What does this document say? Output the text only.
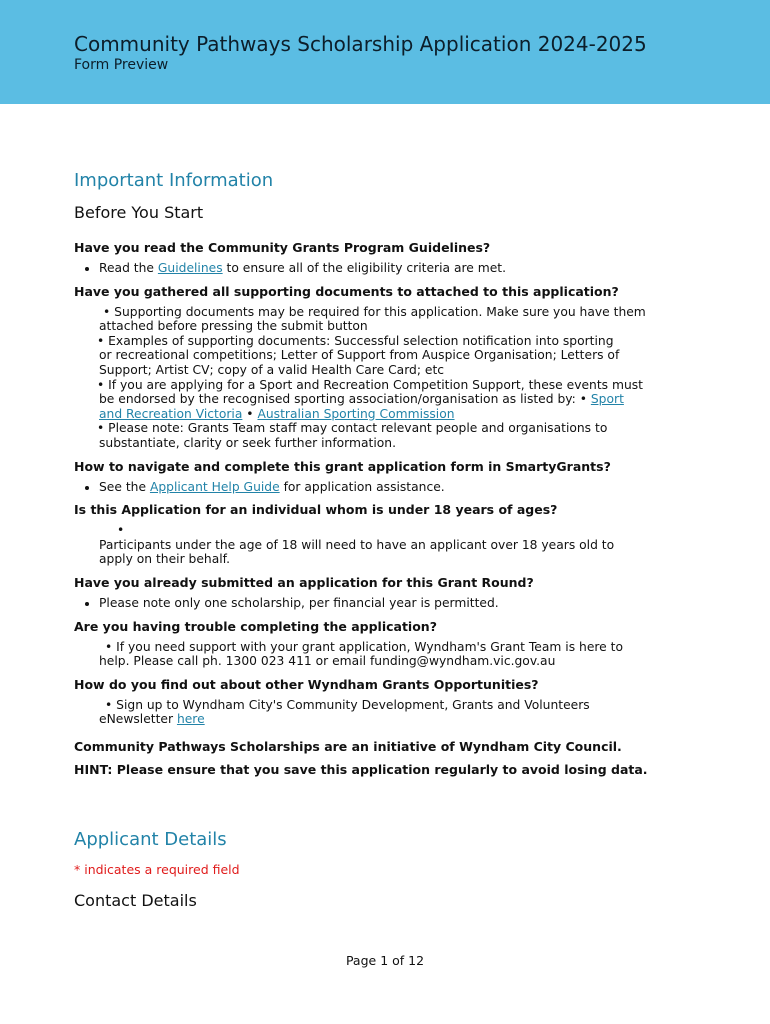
Community Pathways Scholarship Application 2024-2025
Form Preview
Important Information
Before You Start
Have you read the Community Grants Program Guidelines?
• Read the Guidelines to ensure all of the eligibility criteria are met.
Have you gathered all supporting documents to attached to this application?
• Supporting documents may be required for this application. Make sure you have them
attached before pressing the submit button
• Examples of supporting documents: Successful selection notification into sporting
or recreational competitions; Letter of Support from Auspice Organisation; Letters of
Support; Artist CV; copy of a valid Health Care Card; etc
• If you are applying for a Sport and Recreation Competition Support, these events must
be endorsed by the recognised sporting association/organisation as listed by: • Sport
and Recreation Victoria • Australian Sporting Commission
• Please note: Grants Team staff may contact relevant people and organisations to
substantiate, clarity or seek further information.
How to navigate and complete this grant application form in SmartyGrants?
• See the Applicant Help Guide for application assistance.
Is this Application for an individual whom is under 18 years of ages?
•
Participants under the age of 18 will need to have an applicant over 18 years old to
apply on their behalf.
Have you already submitted an application for this Grant Round?
• Please note only one scholarship, per financial year is permitted.
Are you having trouble completing the application?
• If you need support with your grant application, Wyndham's Grant Team is here to
help. Please call ph. 1300 023 411 or email funding@wyndham.vic.gov.au
How do you find out about other Wyndham Grants Opportunities?
• Sign up to Wyndham City's Community Development, Grants and Volunteers
eNewsletter here
Community Pathways Scholarships are an initiative of Wyndham City Council.
HINT: Please ensure that you save this application regularly to avoid losing data.
Applicant Details
* indicates a required field
Contact Details
Page 1 of 12
